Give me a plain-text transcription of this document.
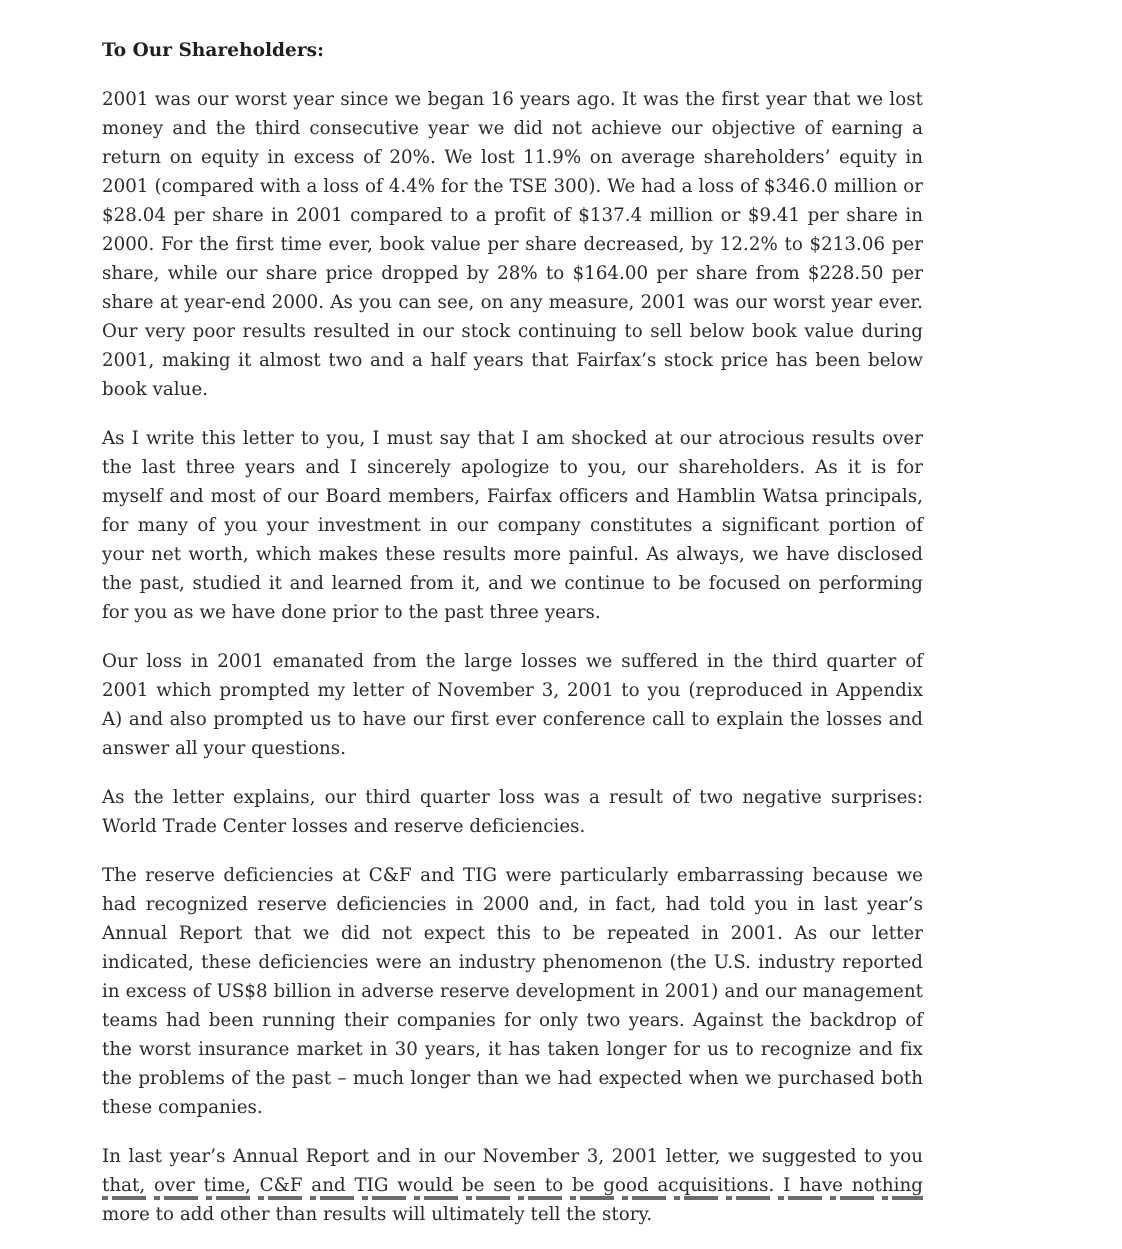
To Our Shareholders:

2001 was our worst year since we began 16 years ago. It was the first year that we lost money and the third consecutive year we did not achieve our objective of earning a return on equity in excess of 20%. We lost 11.9% on average shareholders’ equity in 2001 (compared with a loss of 4.4% for the TSE 300). We had a loss of $346.0 million or $28.04 per share in 2001 compared to a profit of $137.4 million or $9.41 per share in 2000. For the first time ever, book value per share decreased, by 12.2% to $213.06 per share, while our share price dropped by 28% to $164.00 per share from $228.50 per share at year-end 2000. As you can see, on any measure, 2001 was our worst year ever. Our very poor results resulted in our stock continuing to sell below book value during 2001, making it almost two and a half years that Fairfax’s stock price has been below book value.

As I write this letter to you, I must say that I am shocked at our atrocious results over the last three years and I sincerely apologize to you, our shareholders. As it is for myself and most of our Board members, Fairfax officers and Hamblin Watsa principals, for many of you your investment in our company constitutes a significant portion of your net worth, which makes these results more painful. As always, we have disclosed the past, studied it and learned from it, and we continue to be focused on performing for you as we have done prior to the past three years.

Our loss in 2001 emanated from the large losses we suffered in the third quarter of 2001 which prompted my letter of November 3, 2001 to you (reproduced in Appendix A) and also prompted us to have our first ever conference call to explain the losses and answer all your questions.

As the letter explains, our third quarter loss was a result of two negative surprises: World Trade Center losses and reserve deficiencies.

The reserve deficiencies at C&F and TIG were particularly embarrassing because we had recognized reserve deficiencies in 2000 and, in fact, had told you in last year’s Annual Report that we did not expect this to be repeated in 2001. As our letter indicated, these deficiencies were an industry phenomenon (the U.S. industry reported in excess of US$8 billion in adverse reserve development in 2001) and our management teams had been running their companies for only two years. Against the backdrop of the worst insurance market in 30 years, it has taken longer for us to recognize and fix the problems of the past – much longer than we had expected when we purchased both these companies.

In last year’s Annual Report and in our November 3, 2001 letter, we suggested to you that, over time, C&F and TIG would be seen to be good acquisitions. I have nothing more to add other than results will ultimately tell the story.
